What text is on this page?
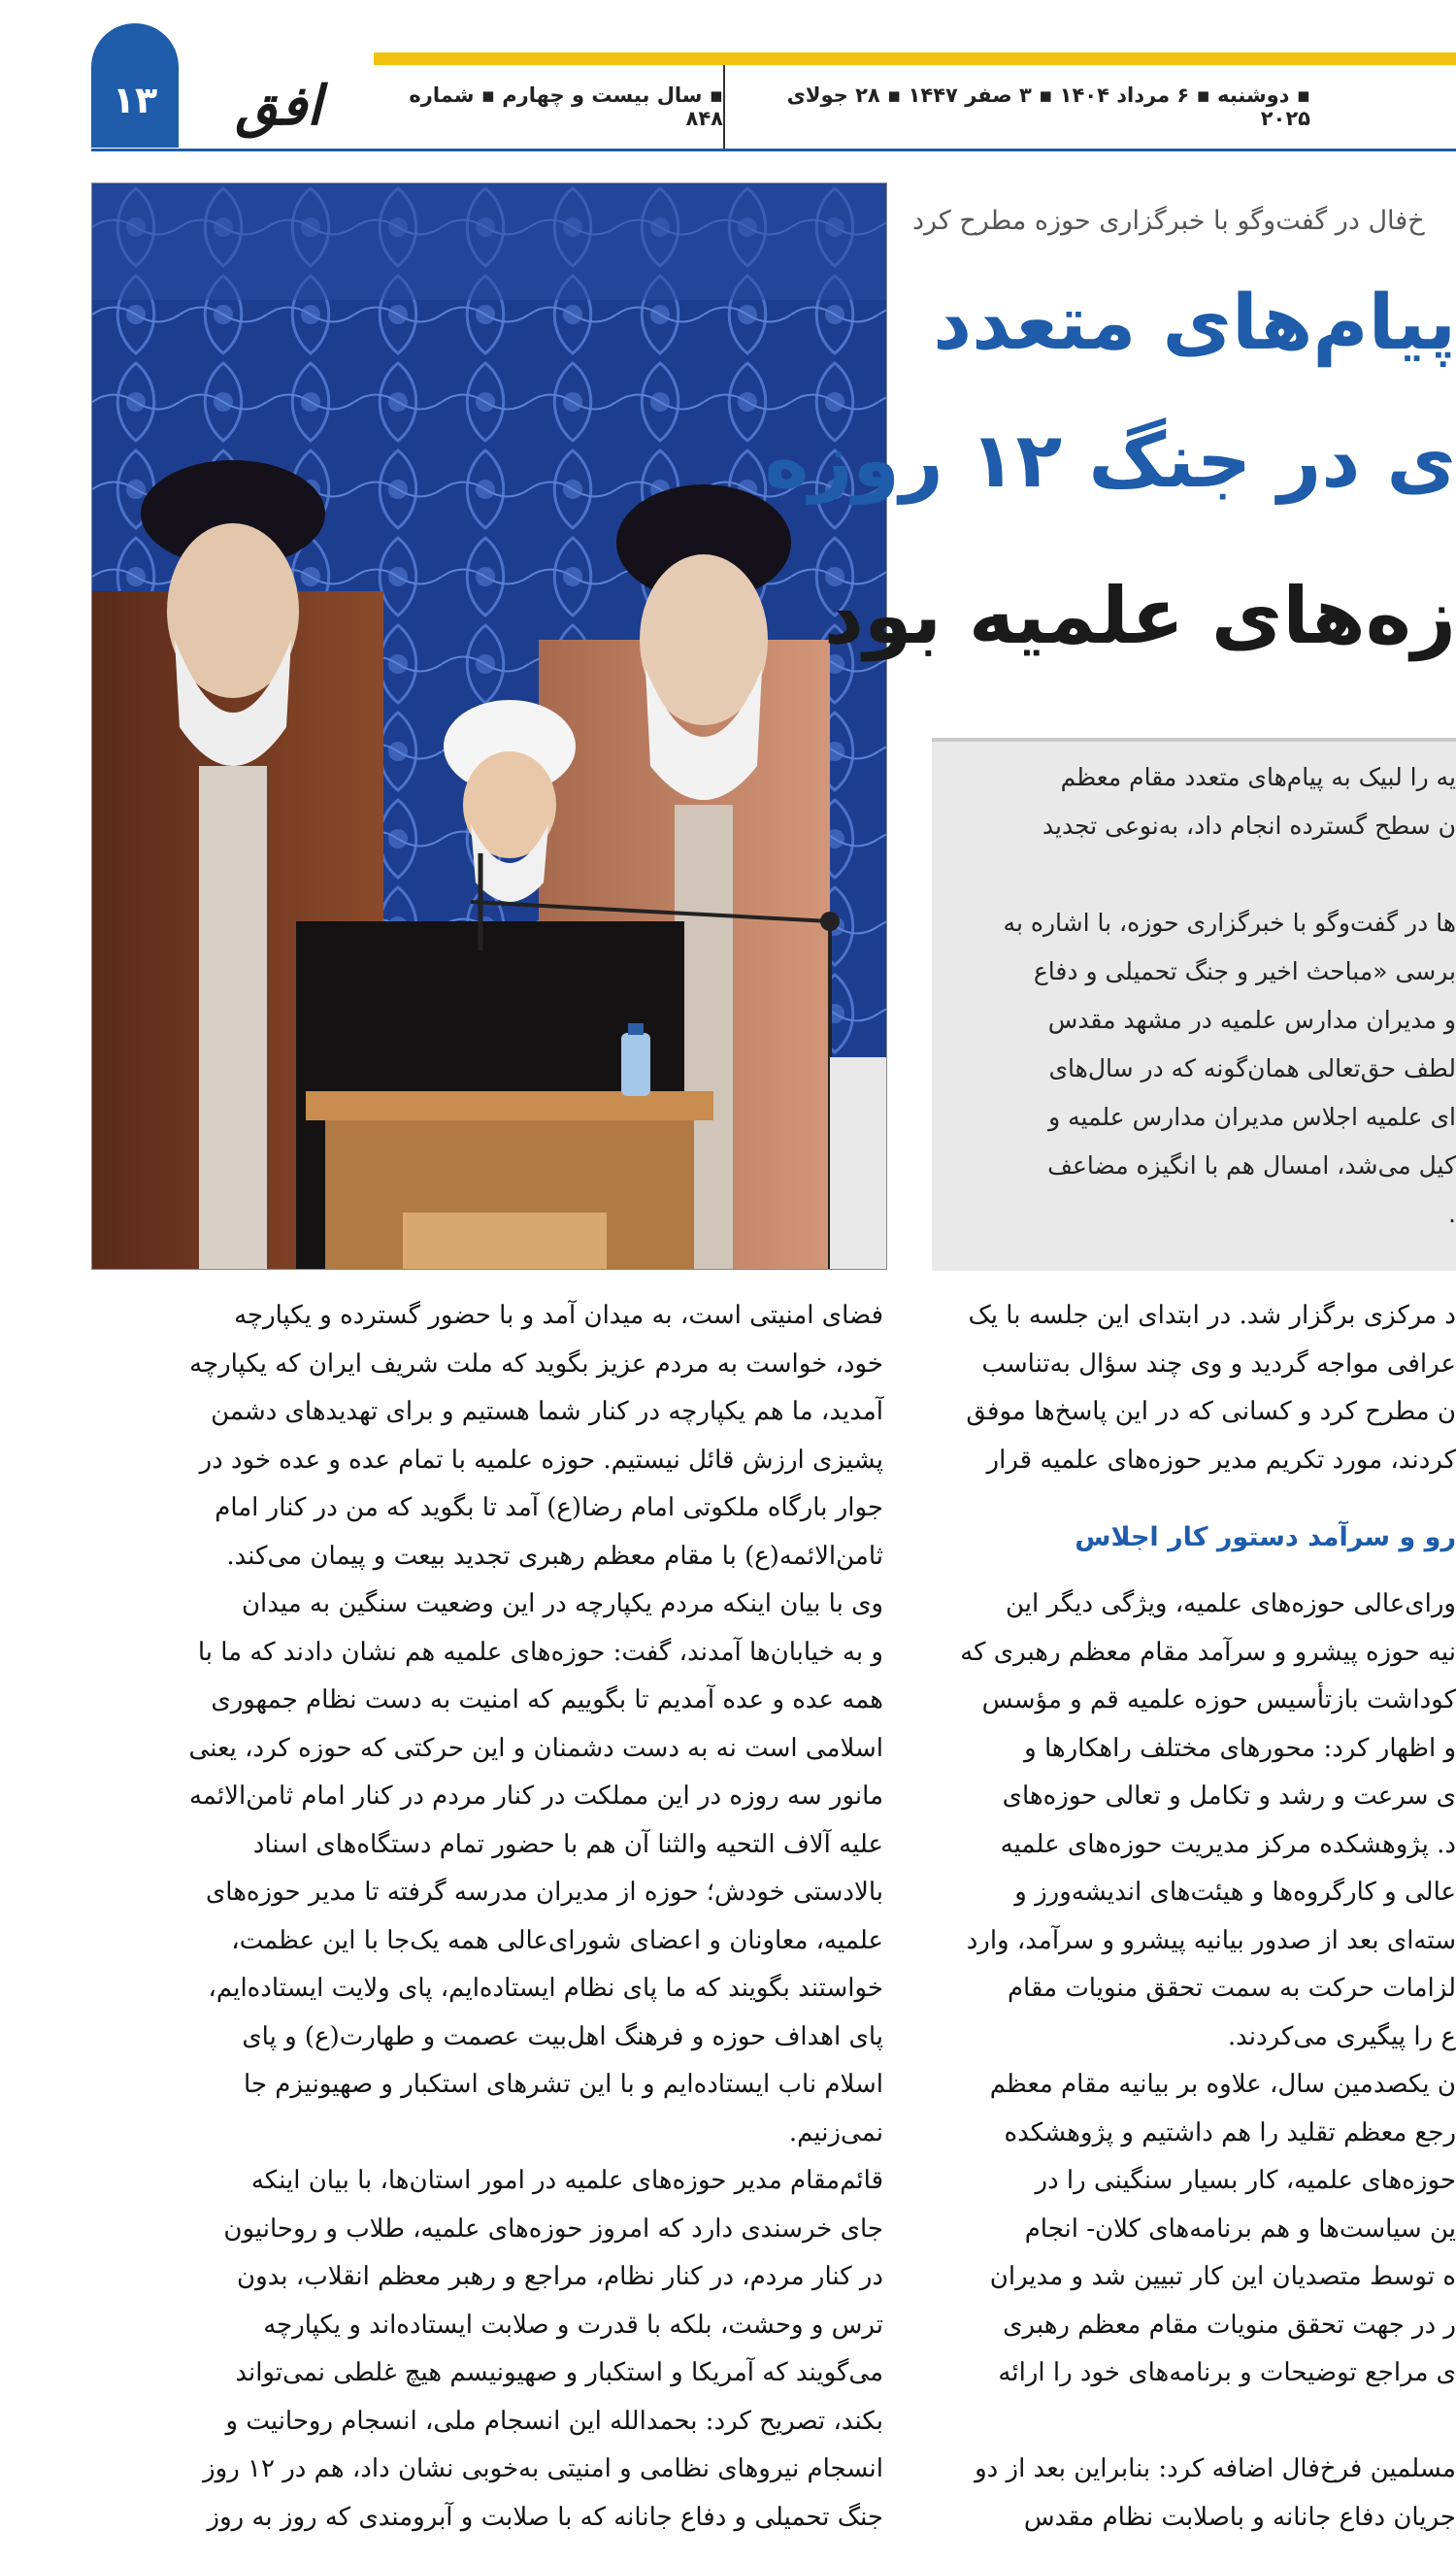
۱۳	افق	▪ سال بیست و چهارم ▪ شماره ۸۴۸
▪ دوشنبه ▪ ۶ مرداد ۱۴۰۴ ▪ ۳ صفر ۱۴۴۷ ▪ ۲۸ جولای ۲۰۲۵
خ‌فال در گفت‌وگو با خبرگزاری حوزه مطرح کرد
پیام‌های متعدد
ی در جنگ ۱۲ روزه
زه‌های علمیه بود
یه را لبیک به پیام‌های متعدد مقام معظم
ن سطح گسترده انجام داد، به‌نوعی تجدید
ها در گفت‌وگو با خبرگزاری حوزه، با اشاره به
برسی «مباحث اخیر و جنگ تحمیلی و دفاع
و مدیران مدارس علمیه در مشهد مقدس
لطف حق‌تعالی همان‌گونه که در سال‌های
ای علمیه اجلاس مدیران مدارس علمیه و
کیل می‌شد، امسال هم با انگیزه مضاعف
.
فضای امنیتی است، به میدان آمد و با حضور گسترده و یکپارچه
خود، خواست به مردم عزیز بگوید که ملت شریف ایران که یکپارچه
آمدید، ما هم یکپارچه در کنار شما هستیم و برای تهدیدهای دشمن
پشیزی ارزش قائل نیستیم. حوزه علمیه با تمام عده و عده خود در
جوار بارگاه ملکوتی امام رضا(ع) آمد تا بگوید که من در کنار امام
ثامن‌الائمه(ع) با مقام معظم رهبری تجدید بیعت و پیمان می‌کند.
وی با بیان اینکه مردم یکپارچه در این وضعیت سنگین به میدان
و به خیابان‌ها آمدند، گفت: حوزه‌های علمیه هم نشان دادند که ما با
همه عده و عده آمدیم تا بگوییم که امنیت به دست نظام جمهوری
اسلامی است نه به دست دشمنان و این حرکتی که حوزه کرد، یعنی
مانور سه روزه در این مملکت در کنار مردم در کنار امام ثامن‌الائمه
علیه آلاف التحیه والثنا آن هم با حضور تمام دستگاه‌های اسناد
بالادستی خودش؛ حوزه از مدیران مدرسه گرفته تا مدیر حوزه‌های
علمیه، معاونان و اعضای شورای‌عالی همه یک‌جا با این عظمت،
خواستند بگویند که ما پای نظام ایستاده‌ایم، پای ولایت ایستاده‌ایم،
پای اهداف حوزه و فرهنگ اهل‌بیت عصمت و طهارت(ع) و پای
اسلام ناب ایستاده‌ایم و با این تشرهای استکبار و صهیونیزم جا
نمی‌زنیم.
قائم‌مقام مدیر حوزه‌های علمیه در امور استان‌ها، با بیان اینکه
جای خرسندی دارد که امروز حوزه‌های علمیه، طلاب و روحانیون
در کنار مردم، در کنار نظام، مراجع و رهبر معظم انقلاب، بدون
ترس و وحشت، بلکه با قدرت و صلابت ایستاده‌اند و یکپارچه
می‌گویند که آمریکا و استکبار و صهیونیسم هیچ غلطی نمی‌تواند
بکند، تصریح کرد: بحمدالله این انسجام ملی، انسجام روحانیت و
انسجام نیروهای نظامی و امنیتی به‌خوبی نشان داد، هم در ۱۲ روز
جنگ تحمیلی و دفاع جانانه که با صلابت و آبرومندی که روز به روز
د مرکزی برگزار شد. در ابتدای این جلسه با یک
عرافی مواجه گردید و وی چند سؤال به‌تناسب
ن مطرح کرد و کسانی که در این پاسخ‌ها موفق
کردند، مورد تکریم مدیر حوزه‌های علمیه قرار
ورای‌عالی حوزه‌های علمیه، ویژگی دیگر این
نیه حوزه پیشرو و سرآمد مقام معظم رهبری که
کوداشت بازتأسیس حوزه علمیه قم و مؤسس
و اظهار کرد: محورهای مختلف راهکارها و
ی سرعت و رشد و تکامل و تعالی حوزه‌های
د. پژوهشکده مرکز مدیریت حوزه‌های علمیه
عالی و کارگروه‌ها و هیئت‌های اندیشه‌ورز و
سته‌ای بعد از صدور بیانیه پیشرو و سرآمد، وارد
لزامات حرکت به سمت تحقق منویات مقام
ع را پیگیری می‌کردند.
ن یکصدمین سال، علاوه بر بیانیه مقام معظم
رجع معظم تقلید را هم داشتیم و پژوهشکده
حوزه‌های علمیه، کار بسیار سنگینی را در
ین سیاست‌ها و هم برنامه‌های کلان- انجام
ه توسط متصدیان این کار تبیین شد و مدیران
ر در جهت تحقق منویات مقام معظم رهبری
ی مراجع توضیحات و برنامه‌های خود را ارائه
مسلمین فرخ‌فال اضافه کرد: بنابراین بعد از دو
جریان دفاع جانانه و باصلابت نظام مقدس
رو و سرآمد دستور کار اجلاس
